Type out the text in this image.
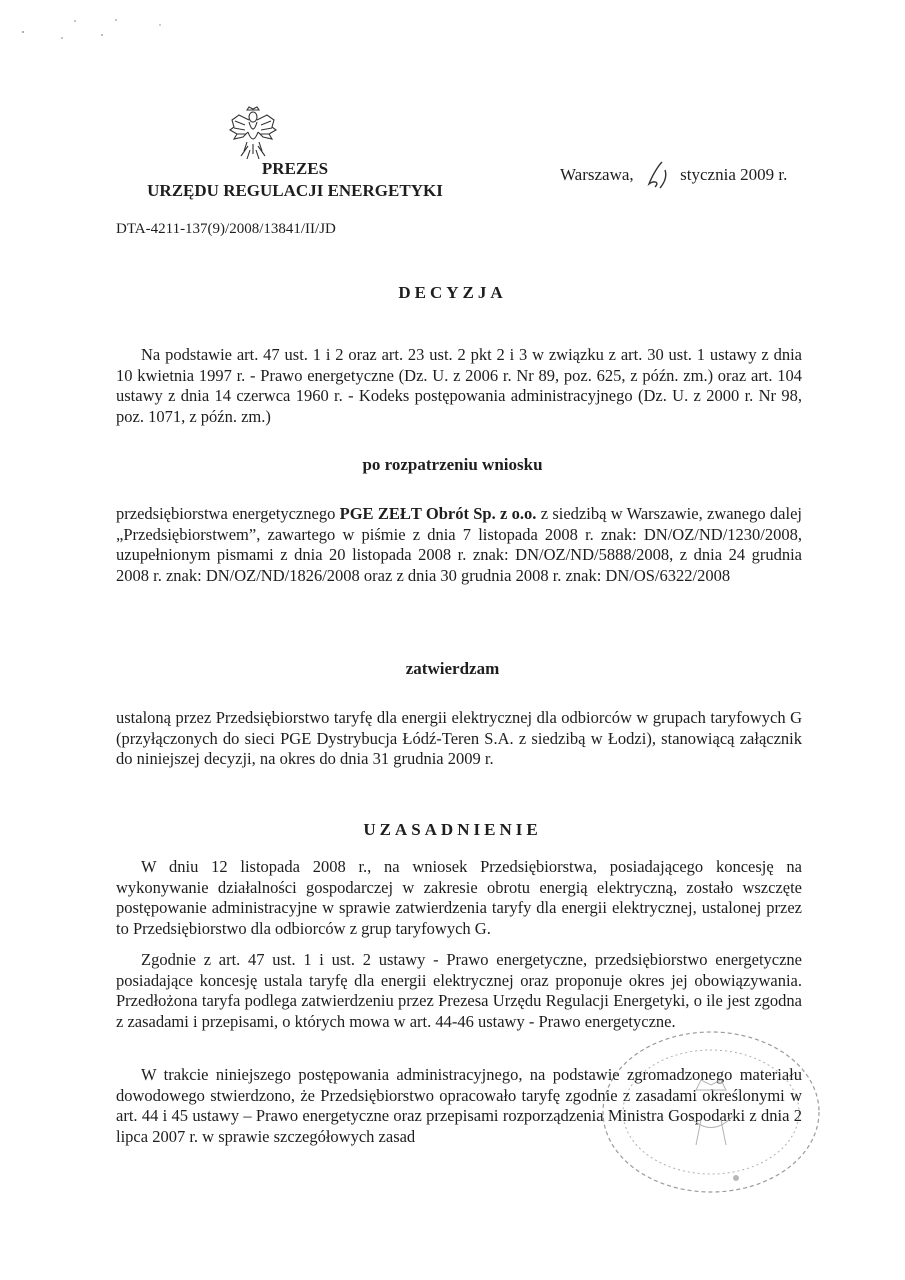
PREZES
URZĘDU REGULACJI ENERGETYKI
Warszawa,	stycznia 2009 r.
DTA-4211-137(9)/2008/13841/II/JD
DECYZJA
Na podstawie art. 47 ust. 1 i 2 oraz art. 23 ust. 2 pkt 2 i 3 w związku z art. 30 ust. 1 ustawy z dnia 10 kwietnia 1997 r. - Prawo energetyczne (Dz. U. z 2006 r. Nr 89, poz. 625, z późn. zm.) oraz art. 104 ustawy z dnia 14 czerwca 1960 r. - Kodeks postępowania administracyjnego (Dz. U. z 2000 r. Nr 98, poz. 1071, z późn. zm.)
po rozpatrzeniu wniosku
przedsiębiorstwa energetycznego PGE ZEŁT Obrót Sp. z o.o. z siedzibą w Warszawie, zwanego dalej „Przedsiębiorstwem”, zawartego w piśmie z dnia 7 listopada 2008 r. znak: DN/OZ/ND/1230/2008, uzupełnionym pismami z dnia 20 listopada 2008 r. znak: DN/OZ/ND/5888/2008, z dnia 24 grudnia 2008 r. znak: DN/OZ/ND/1826/2008 oraz z dnia 30 grudnia 2008 r. znak: DN/OS/6322/2008
zatwierdzam
ustaloną przez Przedsiębiorstwo taryfę dla energii elektrycznej dla odbiorców w grupach taryfowych G (przyłączonych do sieci PGE Dystrybucja Łódź-Teren S.A. z siedzibą w Łodzi), stanowiącą załącznik do niniejszej decyzji, na okres do dnia 31 grudnia 2009 r.
UZASADNIENIE
W dniu 12 listopada 2008 r., na wniosek Przedsiębiorstwa, posiadającego koncesję na wykonywanie działalności gospodarczej w zakresie obrotu energią elektryczną, zostało wszczęte postępowanie administracyjne w sprawie zatwierdzenia taryfy dla energii elektrycznej, ustalonej przez to Przedsiębiorstwo dla odbiorców z grup taryfowych G.
Zgodnie z art. 47 ust. 1 i ust. 2 ustawy - Prawo energetyczne, przedsiębiorstwo energetyczne posiadające koncesję ustala taryfę dla energii elektrycznej oraz proponuje okres jej obowiązywania. Przedłożona taryfa podlega zatwierdzeniu przez Prezesa Urzędu Regulacji Energetyki, o ile jest zgodna z zasadami i przepisami, o których mowa w art. 44-46 ustawy - Prawo energetyczne.
W trakcie niniejszego postępowania administracyjnego, na podstawie zgromadzonego materiału dowodowego stwierdzono, że Przedsiębiorstwo opracowało taryfę zgodnie z zasadami określonymi w art. 44 i 45 ustawy – Prawo energetyczne oraz przepisami rozporządzenia Ministra Gospodarki z dnia 2 lipca 2007 r. w sprawie szczegółowych zasad
